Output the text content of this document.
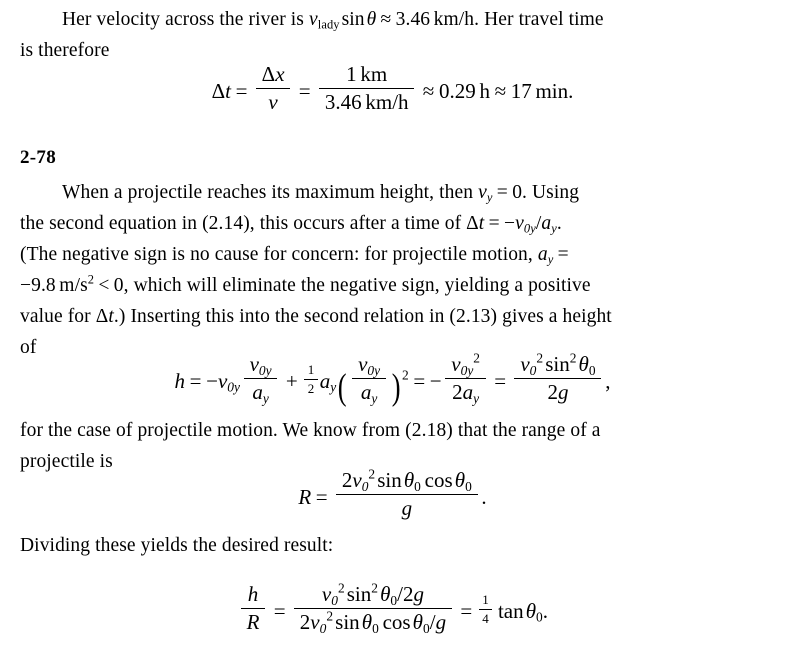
Her velocity across the river is $v_{lady}\sin\theta \approx 3.46$ km/h. Her travel time
is therefore
$\Delta t = \frac{\Delta x}{v} = \frac{1 km}{3.46 km/h} \approx 0.29$ h ≈ 17 min.
2-78
When a projectile reaches its maximum height, then $v_y = 0$. Using
the second equation in (2.14), this occurs after a time of $\Delta t = -v_{0y}/a_y$.
(The negative sign is no cause for concern: for projectile motion, $a_y$ =
−9.8 $m/s^2 < 0$, which will eliminate the negative sign, yielding a positive
value for Δt.) Inserting this into the second relation in (2.13) gives a height
of
$h = -v_{0y} \frac{v_{0y}}{a_y} + \frac{1}{2} a_y( \frac{v_{0y}}{a_y}$ ) $^2$ = − $\frac{v_{0y}^2}{2a_y} = \frac{v_0^2\sin^2\theta_0}{2g}$ ,
for the case of projectile motion. We know from (2.18) that the range of a
projectile is
$R = \frac{2v_0^2\sin\theta_0 \cos\theta_0}{g}$ .
Dividing these yields the desired result:
$\frac{h}{R} = \frac{v_0^2\sin^2\theta_0/2g}{2v_0^2\sin\theta_0 \cos\theta_0/g} = \frac{1}{4} \tan\theta_0$.
